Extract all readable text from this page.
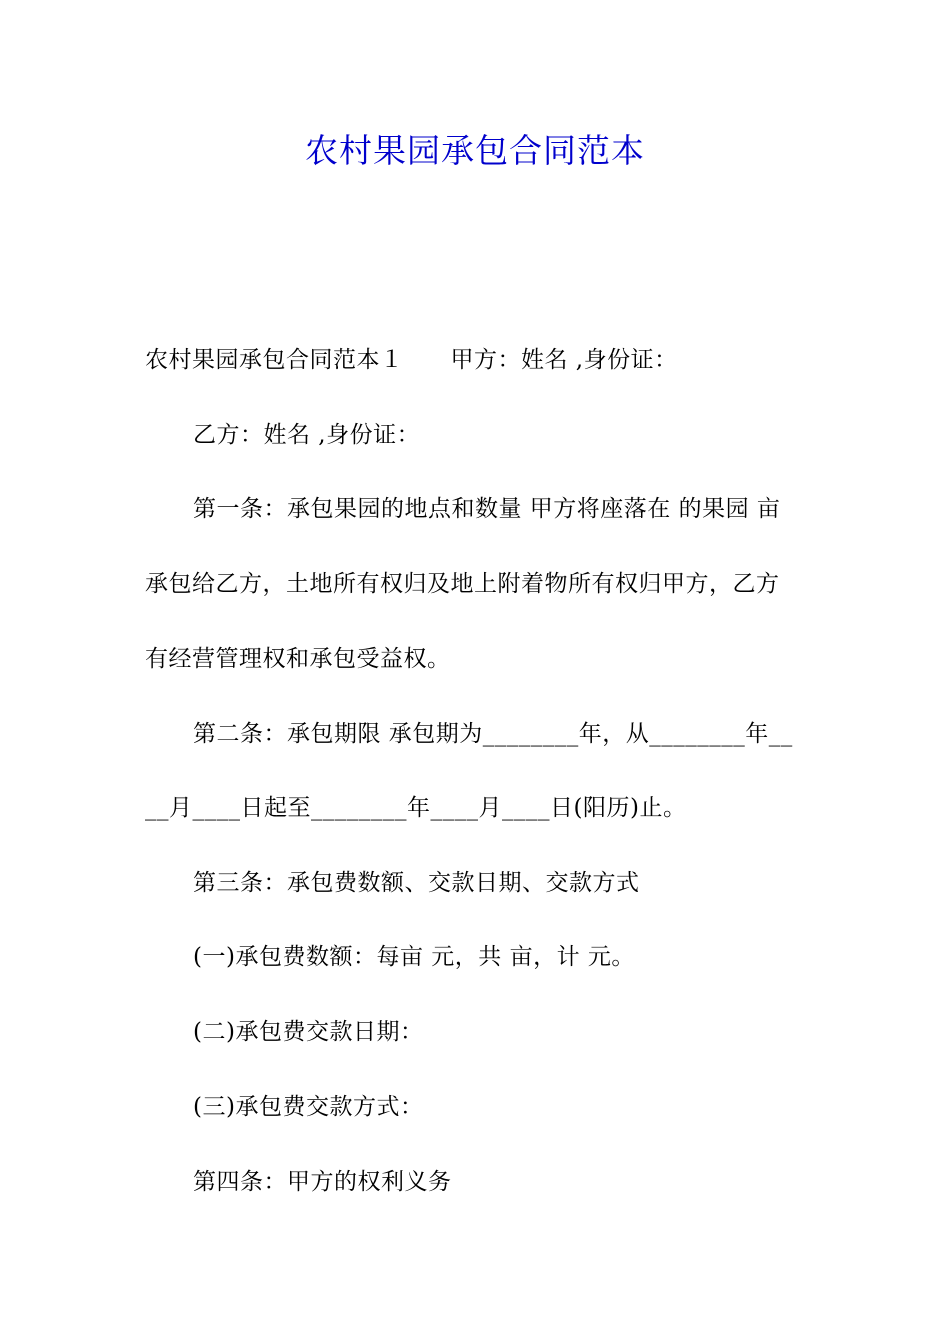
农村果园承包合同范本
农村果园承包合同范本１　　甲方：姓名 ,身份证：
乙方：姓名 ,身份证：
第一条：承包果园的地点和数量 甲方将座落在 的果园 亩
承包给乙方，土地所有权归及地上附着物所有权归甲方，乙方
有经营管理权和承包受益权。
第二条：承包期限 承包期为________年，从________年__
__月____日起至________年____月____日(阳历)止。
第三条：承包费数额、交款日期、交款方式
(一)承包费数额：每亩 元，共 亩，计 元。
(二)承包费交款日期：
(三)承包费交款方式：
第四条：甲方的权利义务
